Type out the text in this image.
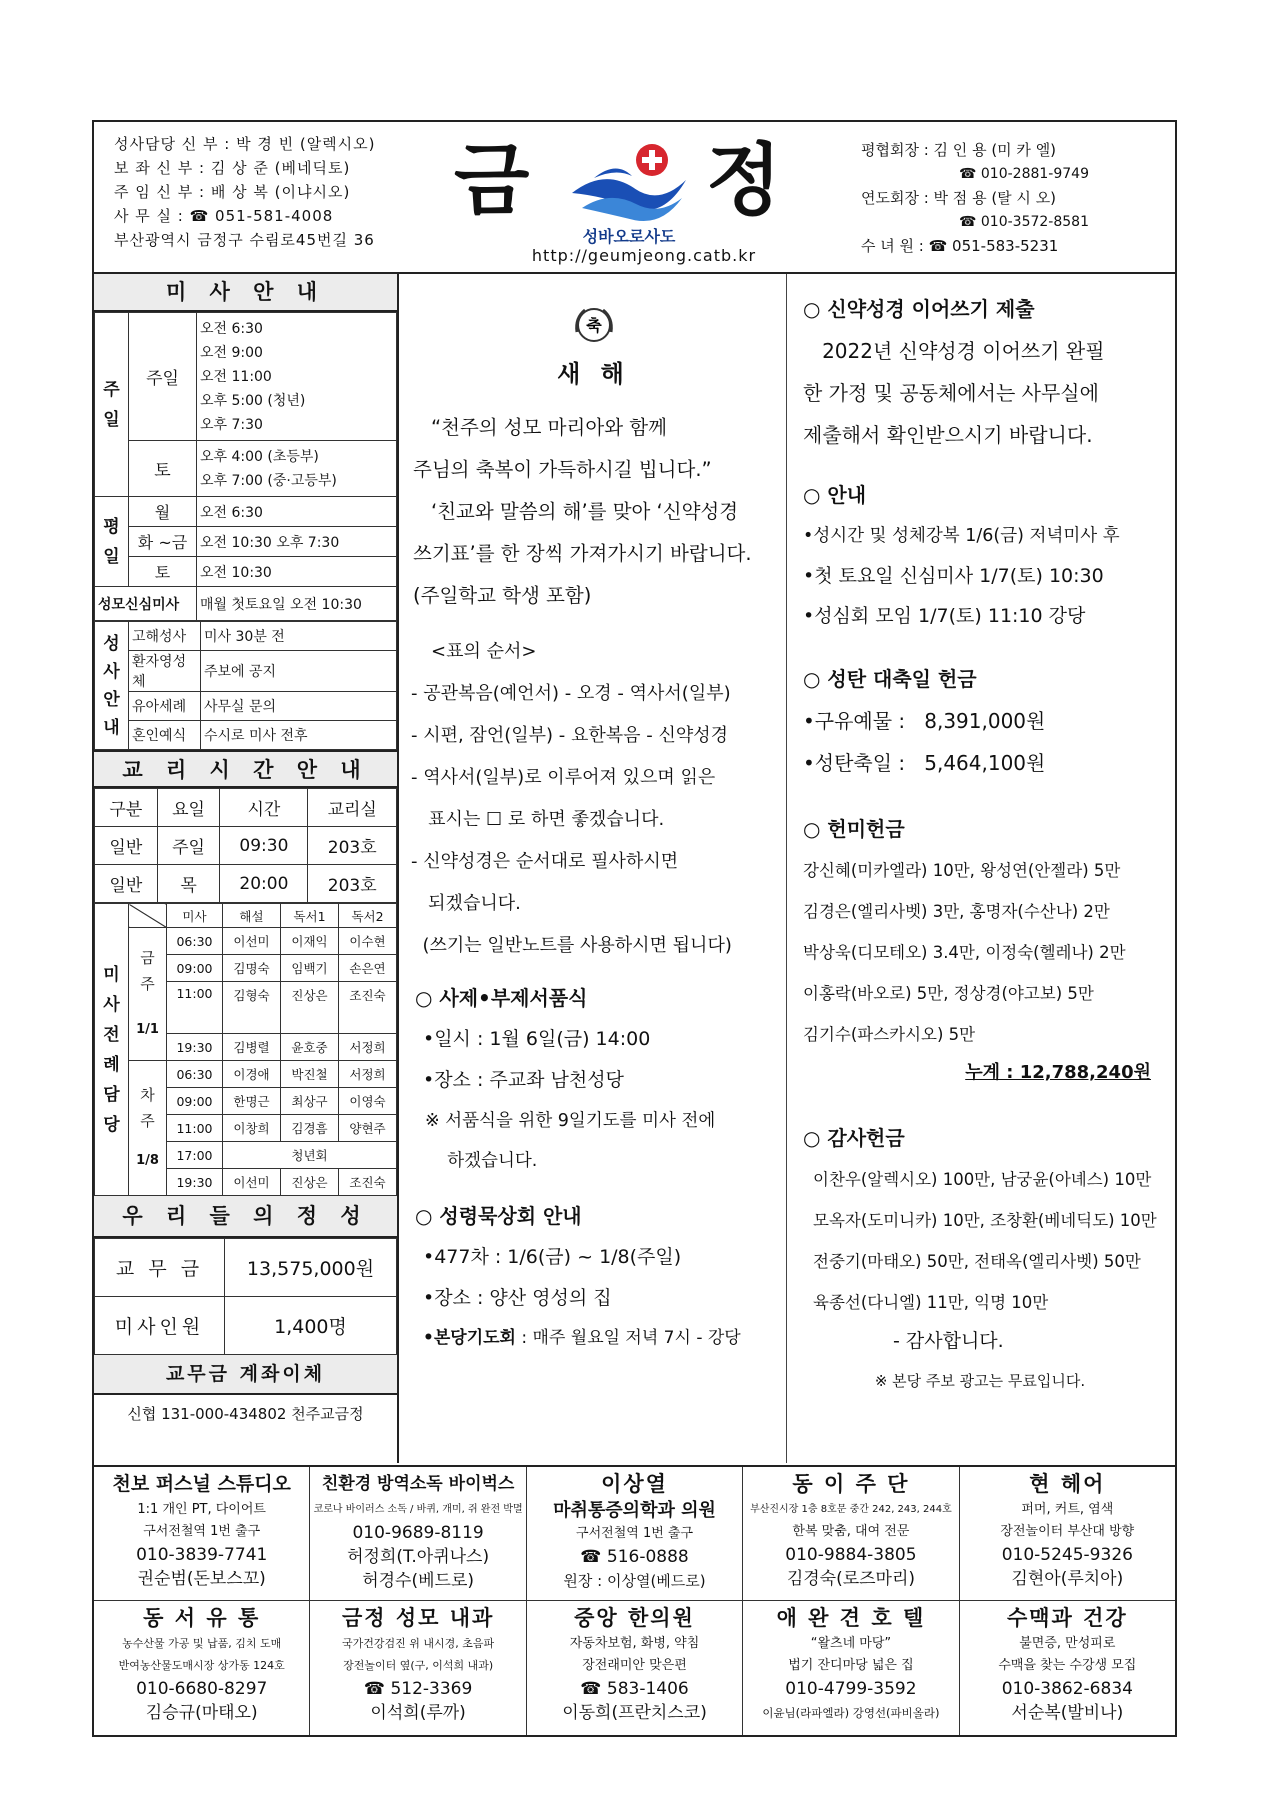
성사담당 신 부 : 박 경 빈 (알렉시오)
보 좌 신 부 : 김 상 준 (베네딕토)
주 임 신 부 : 배 상 복 (이냐시오)
사 무 실 : ☎ 051-581-4008
부산광역시 금정구 수림로45번길 36
금
성바오로사도
정
http://geumjeong.catb.kr
평협회장 : 김 인 용 (미 카 엘)
☎ 010-2881-9749
연도회장 : 박 점 용 (탈 시 오)
☎ 010-3572-8581
수 녀 원 : ☎ 051-583-5231
미 사 안 내
주일	주일	오전 6:30
오전 9:00
오전 11:00
오후 5:00 (청년)
오후 7:30

	토	오후 4:00 (초등부)
오후 7:00 (중·고등부)

평일	월	오전 6:30
	화 ~금	오전 10:30 오후 7:30
	토	오전 10:30
성모신심미사		매월 첫토요일 오전 10:30
성사안내	고해성사	미사 30분 전
	환자영성체	주보에 공지
	유아세례	사무실 문의
	혼인예식	수시로 미사 전후
교 리 시 간 안 내
구분	요일	시간	교리실
일반	주일	09:30	203호
일반	목	20:00	203호
미사전례담당		미사	해설	독서1	독서2

	금주
1/1	06:30	이선미	이재익	이수현
		09:00	김명숙	임백기	손은연
		11:00	김형숙	진상은	조진숙
		19:30	김병렬	윤호중	서정희

	차주
1/8	06:30	이경애	박진철	서정희
		09:00	한명근	최상구	이영숙
		11:00	이창희	김경흠	양현주
		17:00	청년회		
		19:30	이선미	진상은	조진숙
우 리 들 의 정 성
교 무 금	13,575,000원
미사인원	1,400명
교무금 계좌이체
신협 131-000-434802 천주교금정
축
새 해
“천주의 성모 마리아와 함께
주님의 축복이 가득하시길 빕니다.”
‘친교와 말씀의 해’를 맞아 ‘신약성경
쓰기표’를 한 장씩 가져가시기 바랍니다.
(주일학교 학생 포함)
<표의 순서>
- 공관복음(예언서) - 오경 - 역사서(일부)
- 시편, 잠언(일부) - 요한복음 - 신약성경
- 역사서(일부)로 이루어져 있으며 읽은
표시는 ☐ 로 하면 좋겠습니다.
- 신약성경은 순서대로 필사하시면
되겠습니다.
(쓰기는 일반노트를 사용하시면 됩니다)
○ 사제•부제서품식
•일시 : 1월 6일(금) 14:00
•장소 : 주교좌 남천성당
※ 서품식을 위한 9일기도를 미사 전에
하겠습니다.
○ 성령묵상회 안내
•477차 : 1/6(금) ~ 1/8(주일)
•장소 : 양산 영성의 집
•본당기도회 : 매주 월요일 저녁 7시 - 강당
○ 신약성경 이어쓰기 제출
2022년 신약성경 이어쓰기 완필
한 가정 및 공동체에서는 사무실에
제출해서 확인받으시기 바랍니다.
○ 안내
•성시간 및 성체강복 1/6(금) 저녁미사 후
•첫 토요일 신심미사 1/7(토) 10:30
•성심회 모임 1/7(토) 11:10 강당
○ 성탄 대축일 헌금
•구유예물 :   8,391,000원
•성탄축일 :   5,464,100원
○ 헌미헌금
강신혜(미카엘라) 10만, 왕성연(안젤라) 5만
김경은(엘리사벳) 3만, 홍명자(수산나) 2만
박상욱(디모테오) 3.4만, 이정숙(헬레나) 2만
이홍락(바오로) 5만, 정상경(야고보) 5만
김기수(파스카시오) 5만
누계 : 12,788,240원
○ 감사헌금
이찬우(알렉시오) 100만, 남궁윤(아녜스) 10만
모옥자(도미니카) 10만, 조창환(베네딕도) 10만
전중기(마태오) 50만, 전태옥(엘리사벳) 50만
육종선(다니엘) 11만, 익명 10만
- 감사합니다.
※ 본당 주보 광고는 무료입니다.
천보 퍼스널 스튜디오
1:1 개인 PT, 다이어트
구서전철역 1번 출구
010-3839-7741
권순범(돈보스꼬)
친환경 방역소독 바이벅스
코로나 바이러스 소독 / 바퀴, 개미, 쥐 완전 박멸
010-9689-8119
허정희(T.아퀴나스)
허경수(베드로)
이상열
마취통증의학과 의원
구서전철역 1번 출구
☎ 516-0888
원장 : 이상열(베드로)
동 이 주 단
부산진시장 1층 8호문 중간 242, 243, 244호
한복 맞춤, 대여 전문
010-9884-3805
김경숙(로즈마리)
현 헤어
퍼머, 커트, 염색
장전놀이터 부산대 방향
010-5245-9326
김현아(루치아)
동 서 유 통
농수산물 가공 및 납품, 김치 도매
반여농산물도매시장 상가동 124호
010-6680-8297
김승규(마태오)
금정 성모 내과
국가건강검진 위 내시경, 초음파
장전놀이터 옆(구, 이석희 내과)
☎ 512-3369
이석희(루까)
중앙 한의원
자동차보험, 화병, 약침
장전래미안 맞은편
☎ 583-1406
이동희(프란치스코)
애 완 견 호 텔
“왈츠네 마당”
법기 잔디마당 넓은 집
010-4799-3592
이윤님(라파엘라) 강영선(파비올라)
수맥과 건강
불면증, 만성피로
수맥을 찾는 수강생 모집
010-3862-6834
서순복(발비나)
